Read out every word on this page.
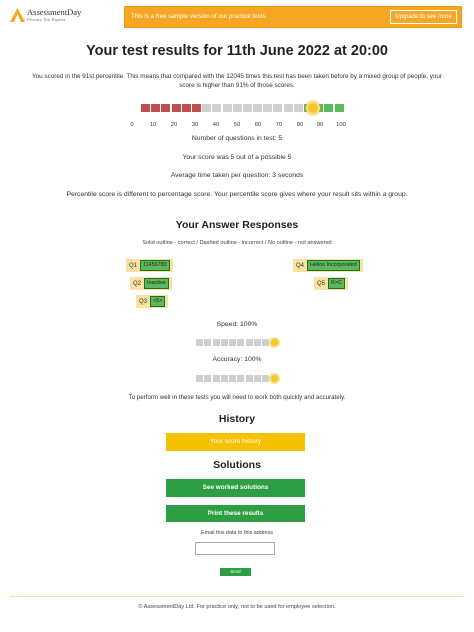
AssessmentDay
Practice Test Experts	This is a free sample version of our practice tests.	Upgrade to see more
Your test results for 11th June 2022 at 20:00
You scored in the 91st percentile. This means that compared with the 12045 times this test has been taken before by a mixed group of people, your score is higher than 91% of those scores.
0	10	20	30	40	50	60	70	80 90 100
Number of questions in test: 5
Your score was 5 out of a possible 5
Average time taken per question: 3 seconds
Percentile score is different to percentage score. Your percentile score gives where your result sits within a group.
Your Answer Responses
Solid outline - correct / Dashed outline - incorrect / No outline - not answered
Q1	11456780
Q2	Inactive
Q3	<5>
Q4	Helios Incorporated
Q5	R>C
Speed: 100%
Accuracy: 100%
To perform well in these tests you will need to work both quickly and accurately.
History
Your score history
Solutions
See worked solutions
Print these results
Email this data to this address
Send
© AssessmentDay Ltd. For practice only; not to be used for employee selection.
